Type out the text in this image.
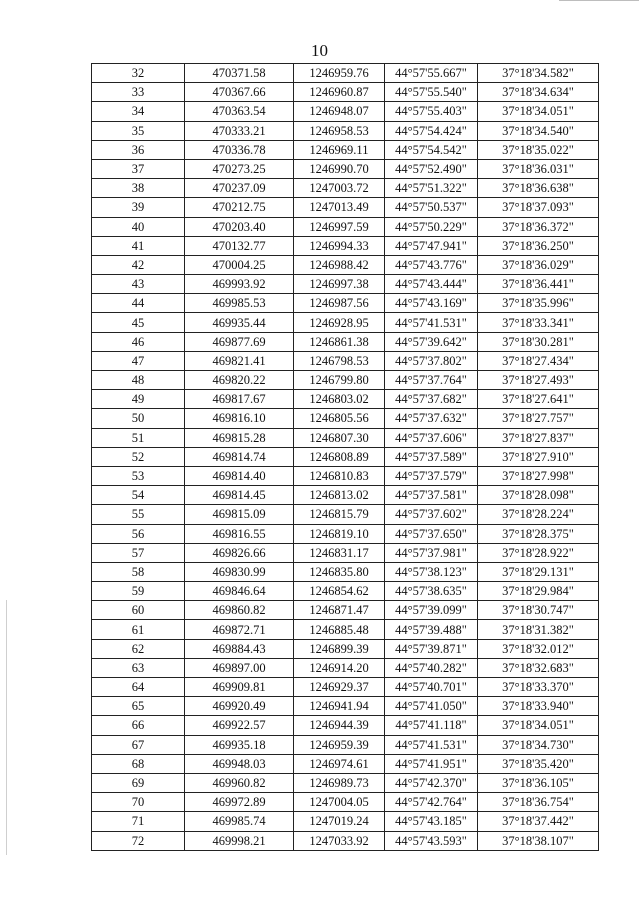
10
32	470371.58	1246959.76	44°57'55.667"	37°18'34.582"
33	470367.66	1246960.87	44°57'55.540"	37°18'34.634"
34	470363.54	1246948.07	44°57'55.403"	37°18'34.051"
35	470333.21	1246958.53	44°57'54.424"	37°18'34.540"
36	470336.78	1246969.11	44°57'54.542"	37°18'35.022"
37	470273.25	1246990.70	44°57'52.490"	37°18'36.031"
38	470237.09	1247003.72	44°57'51.322"	37°18'36.638"
39	470212.75	1247013.49	44°57'50.537"	37°18'37.093"
40	470203.40	1246997.59	44°57'50.229"	37°18'36.372"
41	470132.77	1246994.33	44°57'47.941"	37°18'36.250"
42	470004.25	1246988.42	44°57'43.776"	37°18'36.029"
43	469993.92	1246997.38	44°57'43.444"	37°18'36.441"
44	469985.53	1246987.56	44°57'43.169"	37°18'35.996"
45	469935.44	1246928.95	44°57'41.531"	37°18'33.341"
46	469877.69	1246861.38	44°57'39.642"	37°18'30.281"
47	469821.41	1246798.53	44°57'37.802"	37°18'27.434"
48	469820.22	1246799.80	44°57'37.764"	37°18'27.493"
49	469817.67	1246803.02	44°57'37.682"	37°18'27.641"
50	469816.10	1246805.56	44°57'37.632"	37°18'27.757"
51	469815.28	1246807.30	44°57'37.606"	37°18'27.837"
52	469814.74	1246808.89	44°57'37.589"	37°18'27.910"
53	469814.40	1246810.83	44°57'37.579"	37°18'27.998"
54	469814.45	1246813.02	44°57'37.581"	37°18'28.098"
55	469815.09	1246815.79	44°57'37.602"	37°18'28.224"
56	469816.55	1246819.10	44°57'37.650"	37°18'28.375"
57	469826.66	1246831.17	44°57'37.981"	37°18'28.922"
58	469830.99	1246835.80	44°57'38.123"	37°18'29.131"
59	469846.64	1246854.62	44°57'38.635"	37°18'29.984"
60	469860.82	1246871.47	44°57'39.099"	37°18'30.747"
61	469872.71	1246885.48	44°57'39.488"	37°18'31.382"
62	469884.43	1246899.39	44°57'39.871"	37°18'32.012"
63	469897.00	1246914.20	44°57'40.282"	37°18'32.683"
64	469909.81	1246929.37	44°57'40.701"	37°18'33.370"
65	469920.49	1246941.94	44°57'41.050"	37°18'33.940"
66	469922.57	1246944.39	44°57'41.118"	37°18'34.051"
67	469935.18	1246959.39	44°57'41.531"	37°18'34.730"
68	469948.03	1246974.61	44°57'41.951"	37°18'35.420"
69	469960.82	1246989.73	44°57'42.370"	37°18'36.105"
70	469972.89	1247004.05	44°57'42.764"	37°18'36.754"
71	469985.74	1247019.24	44°57'43.185"	37°18'37.442"
72	469998.21	1247033.92	44°57'43.593"	37°18'38.107"
